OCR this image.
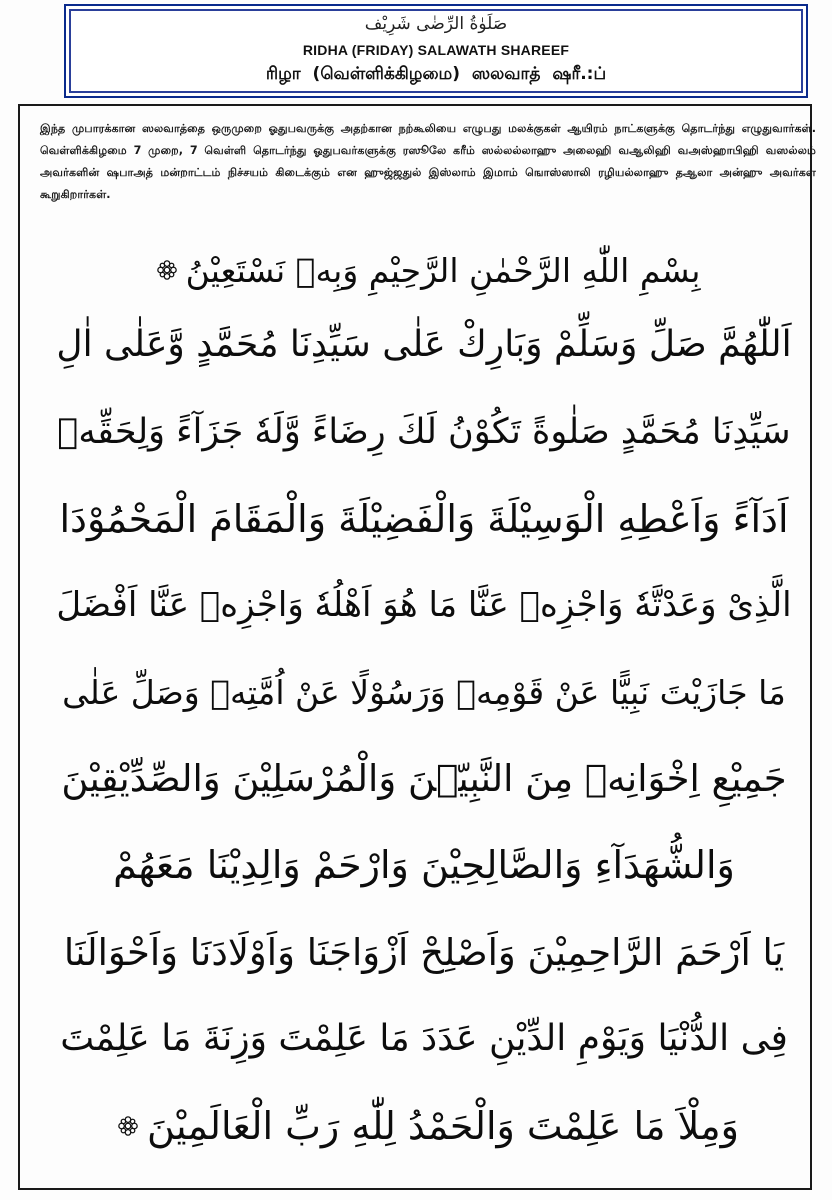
صَلَوٰةُ الرِّضٰی شَرِیْف
RIDHA (FRIDAY) SALAWATH SHAREEF
ரிழா (வெள்ளிக்கிழமை) ஸலவாத் ஷரீ.:ப்
இந்த முபாரக்கான ஸலவாத்தை ஒருமுறை ஓதுபவருக்கு அதற்கான நற்கூலியை எழுபது மலக்குகள் ஆயிரம் நாட்களுக்கு தொடர்ந்து எழுதுவார்கள். வெள்ளிக்கிழமை 7 முறை, 7 வெள்ளி தொடர்ந்து ஓதுபவர்களுக்கு ரஸூலே கரீம் ஸல்லல்லாஹு அலைஹி வஆலிஹி வஅஸ்ஹாபிஹி வஸல்லம் அவர்களின் ஷபாஅத் மன்றாட்டம் நிச்சயம் கிடைக்கும் என ஹுஜ்ஜதுல் இஸ்லாம் இமாம் ஙொஸ்ஸாலி ரழியல்லாஹு தஆலா அன்ஹு அவர்கள் கூறுகிறார்கள்.
بِسْمِ اللّٰهِ الرَّحْمٰنِ الرَّحِيْمِ وَبِهٖ نَسْتَعِيْنُ
اَللّٰهُمَّ صَلِّ وَسَلِّمْ وَبَارِكْ عَلٰى سَيِّدِنَا مُحَمَّدٍ وَّعَلٰى اٰلِ
سَيِّدِنَا مُحَمَّدٍ صَلٰوةً تَكُوْنُ لَكَ رِضَاءً وَّلَهٗ جَزَآءً وَلِحَقِّهٖ
اَدَآءً وَاَعْطِهِ الْوَسِيْلَةَ وَالْفَضِيْلَةَ وَالْمَقَامَ الْمَحْمُوْدَا
الَّذِىْ وَعَدْتَّهٗ وَاجْزِهٖ عَنَّا مَا هُوَ اَهْلُهٗ وَاجْزِهٖ عَنَّا اَفْضَلَ
مَا جَازَيْتَ نَبِيًّا عَنْ قَوْمِهٖ وَرَسُوْلًا عَنْ اُمَّتِهٖ وَصَلِّ عَلٰى
جَمِيْعِ اِخْوَانِهٖ مِنَ النَّبِيّٖنَ وَالْمُرْسَلِيْنَ وَالصِّدِّيْقِيْنَ
وَالشُّهَدَآءِ وَالصَّالِحِيْنَ وَارْحَمْ وَالِدِيْنَا مَعَهُمْ
يَا اَرْحَمَ الرَّاحِمِيْنَ وَاَصْلِحْ اَزْوَاجَنَا وَاَوْلَادَنَا وَاَحْوَالَنَا
فِى الدُّنْيَا وَيَوْمِ الدِّيْنِ عَدَدَ مَا عَلِمْتَ وَزِنَةَ مَا عَلِمْتَ
وَمِلْاَ مَا عَلِمْتَ وَالْحَمْدُ لِلّٰهِ رَبِّ الْعَالَمِيْنَ
